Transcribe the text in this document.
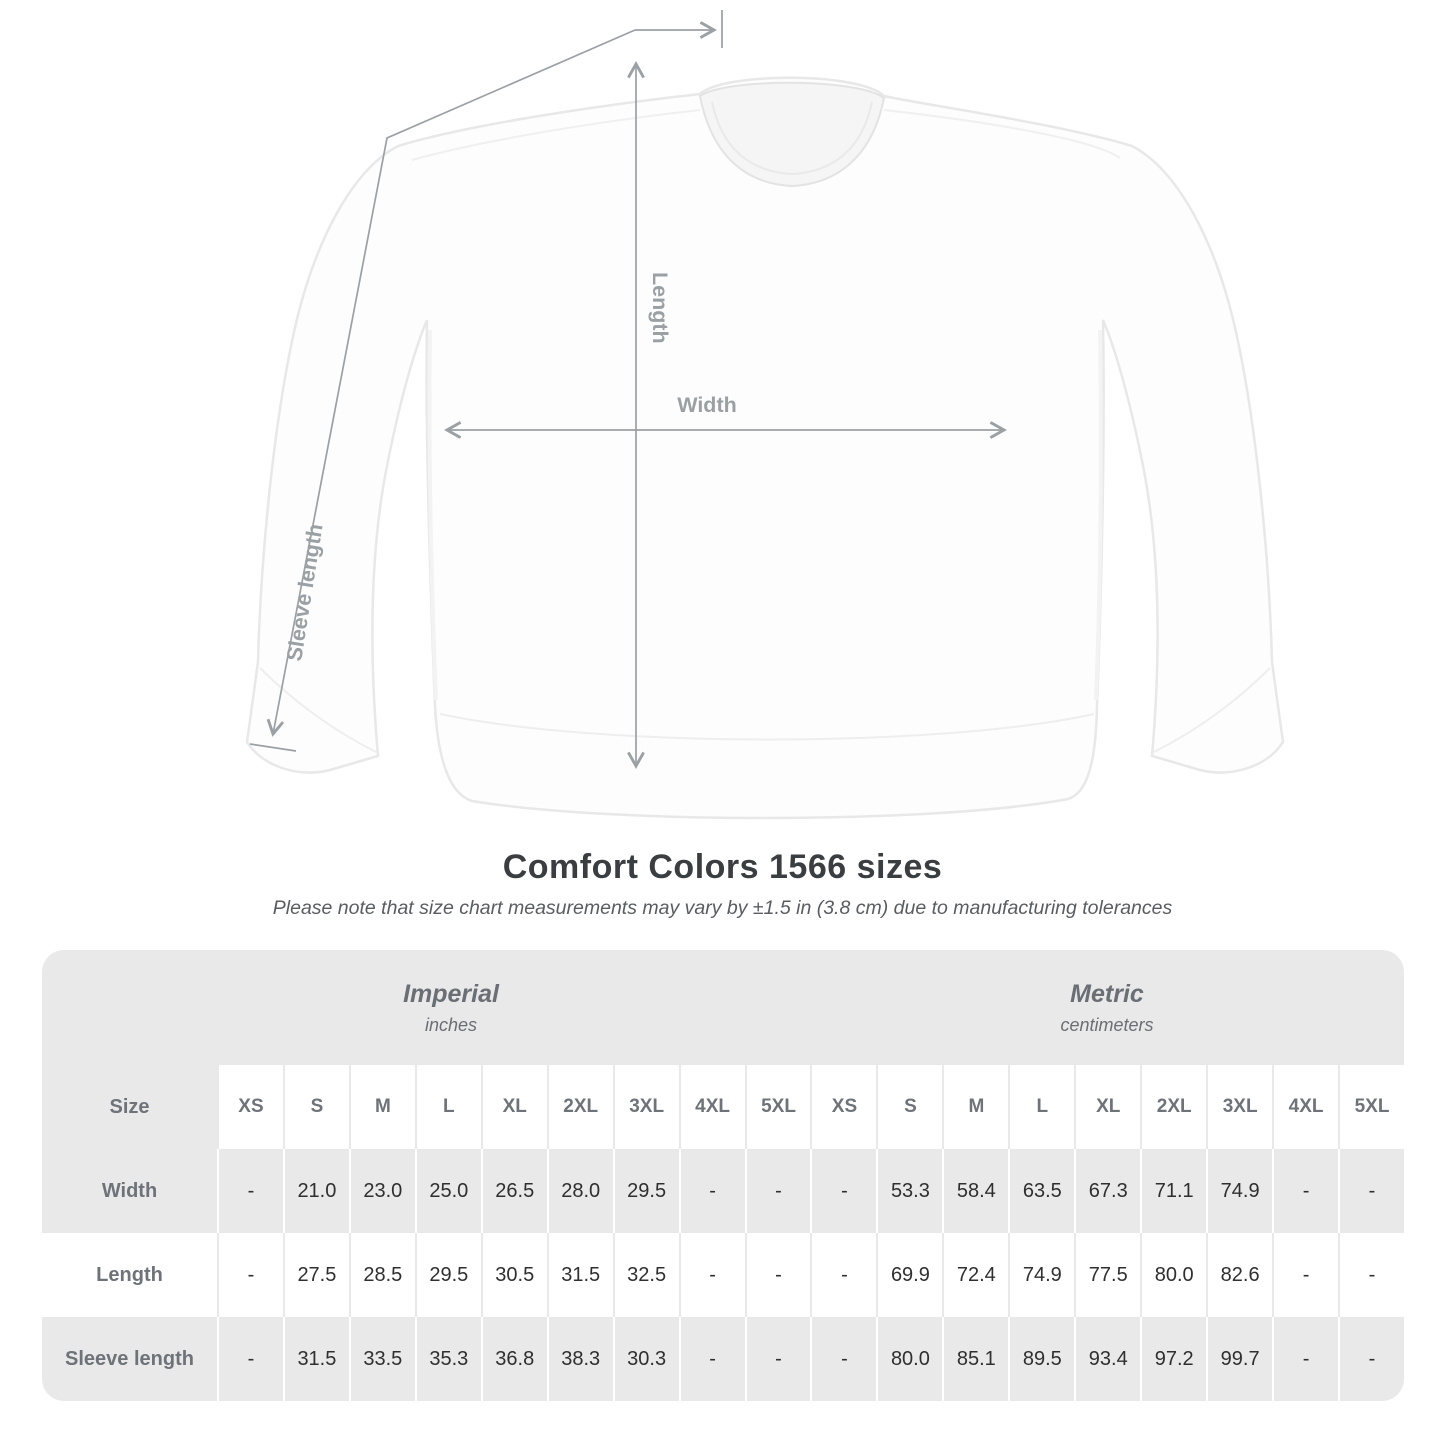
Sleeve length
Length
Width
Comfort Colors 1566 sizes
Please note that size chart measurements may vary by ±1.5 in (3.8 cm) due to manufacturing tolerances
Imperial
inches
Metric
centimeters
Size	XS	S	M	L	XL	2XL	3XL	4XL	5XL	XS	S	M	L	XL	2XL	3XL	4XL	5XL
Width	-	21.0	23.0	25.0	26.5	28.0	29.5	-	-	-	53.3	58.4	63.5	67.3	71.1	74.9	-	-
Length	-	27.5	28.5	29.5	30.5	31.5	32.5	-	-	-	69.9	72.4	74.9	77.5	80.0	82.6	-	-
Sleeve length	-	31.5	33.5	35.3	36.8	38.3	30.3	-	-	-	80.0	85.1	89.5	93.4	97.2	99.7	-	-
